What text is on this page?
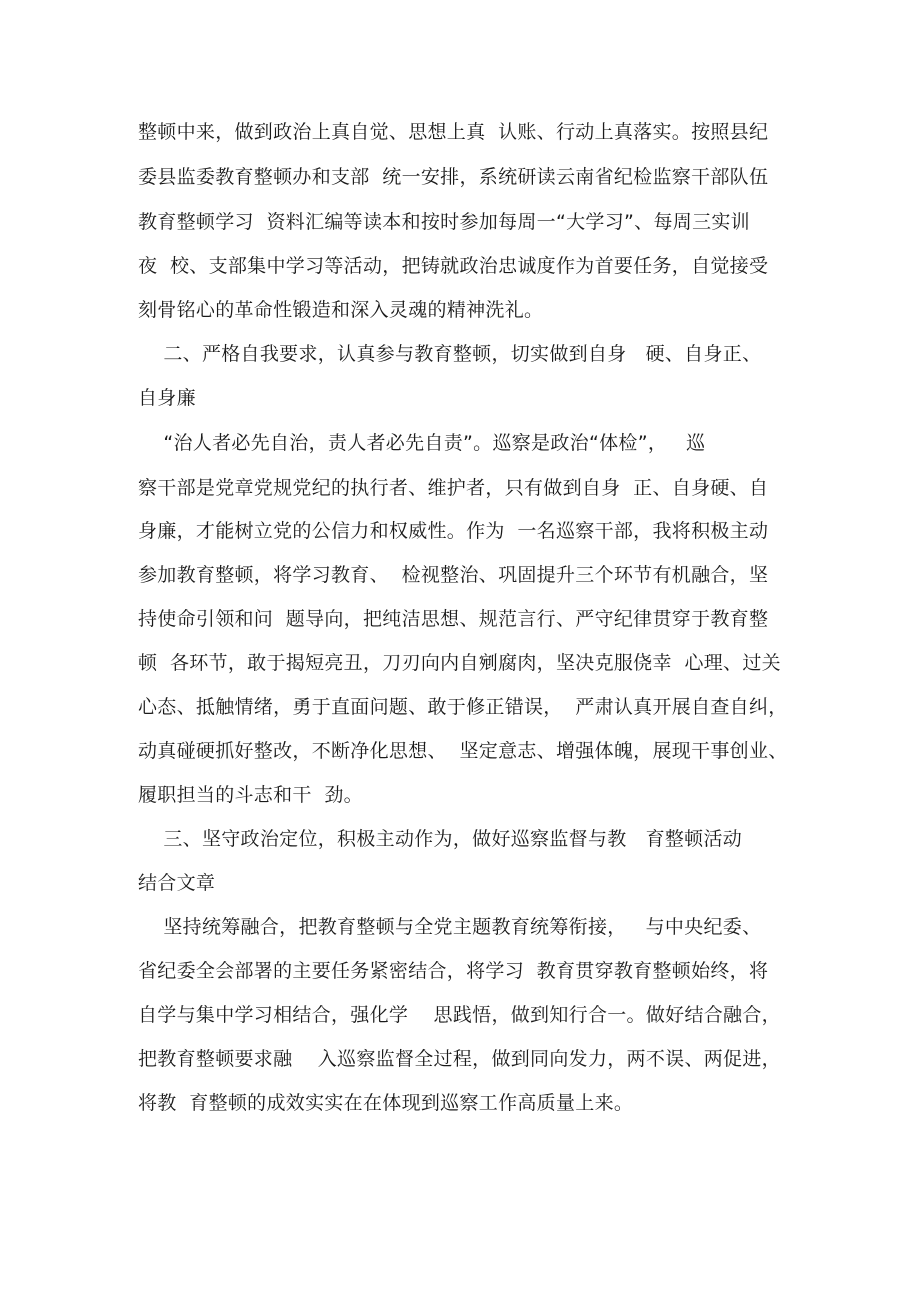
整顿中来，做到政治上真自觉、思想上真  认账、行动上真落实。按照县纪
委县监委教育整顿办和支部  统一安排，系统研读云南省纪检监察干部队伍
教育整顿学习  资料汇编等读本和按时参加每周一“大学习”、每周三实训
夜  校、支部集中学习等活动，把铸就政治忠诚度作为首要任务，自觉接受
刻骨铭心的革命性锻造和深入灵魂的精神洗礼。
二、严格自我要求，认真参与教育整顿，切实做到自身   硬、自身正、
自身廉
“治人者必先自治，责人者必先自责”。巡察是政治“体检”，   巡
察干部是党章党规党纪的执行者、维护者，只有做到自身  正、自身硬、自
身廉，才能树立党的公信力和权威性。作为  一名巡察干部，我将积极主动
参加教育整顿，将学习教育、  检视整治、巩固提升三个环节有机融合，坚
持使命引领和问  题导向，把纯洁思想、规范言行、严守纪律贯穿于教育整
顿  各环节，敢于揭短亮丑，刀刃向内自剜腐肉，坚决克服侥幸  心理、过关
心态、抵触情绪，勇于直面问题、敢于修正错误，  严肃认真开展自查自纠，
动真碰硬抓好整改，不断净化思想、  坚定意志、增强体魄，展现干事创业、
履职担当的斗志和干  劲。
三、坚守政治定位，积极主动作为，做好巡察监督与教   育整顿活动
结合文章
坚持统筹融合，把教育整顿与全党主题教育统筹衔接，   与中央纪委、
省纪委全会部署的主要任务紧密结合，将学习  教育贯穿教育整顿始终，将
自学与集中学习相结合，强化学    思践悟，做到知行合一。做好结合融合，
把教育整顿要求融    入巡察监督全过程，做到同向发力，两不误、两促进，
将教  育整顿的成效实实在在体现到巡察工作高质量上来。
